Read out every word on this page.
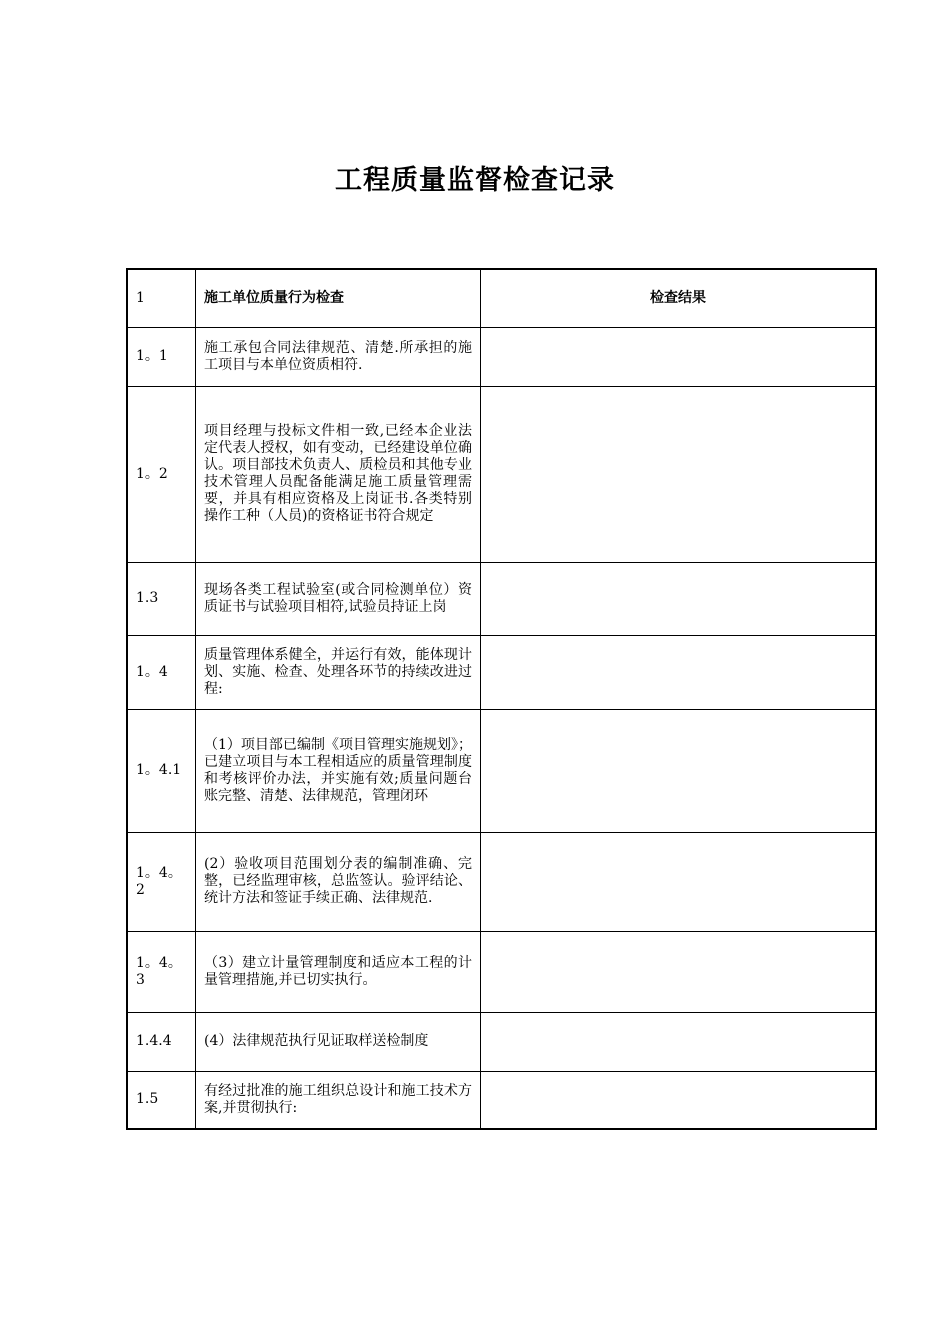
工程质量监督检查记录
1	施工单位质量行为检查	检查结果
1。1	施工承包合同法律规范、清楚.所承担的施工项目与本单位资质相符.	
1。2	项目经理与投标文件相一致,已经本企业法定代表人授权，如有变动，已经建设单位确认。项目部技术负责人、质检员和其他专业技术管理人员配备能满足施工质量管理需要，并具有相应资格及上岗证书.各类特别操作工种（人员)的资格证书符合规定	
1.3	现场各类工程试验室(或合同检测单位）资质证书与试验项目相符,试验员持证上岗	
1。4	质量管理体系健全，并运行有效，能体现计划、实施、检查、处理各环节的持续改进过程:	
1。4.1	（1）项目部已编制《项目管理实施规划》；已建立项目与本工程相适应的质量管理制度和考核评价办法，并实施有效;质量问题台账完整、清楚、法律规范，管理闭环	
1。4。2	(2）验收项目范围划分表的编制准确、完整，已经监理审核，总监签认。验评结论、统计方法和签证手续正确、法律规范.	
1。4。3	（3）建立计量管理制度和适应本工程的计量管理措施,并已切实执行。	
1.4.4	(4）法律规范执行见证取样送检制度	
1.5	有经过批准的施工组织总设计和施工技术方案,并贯彻执行:	
